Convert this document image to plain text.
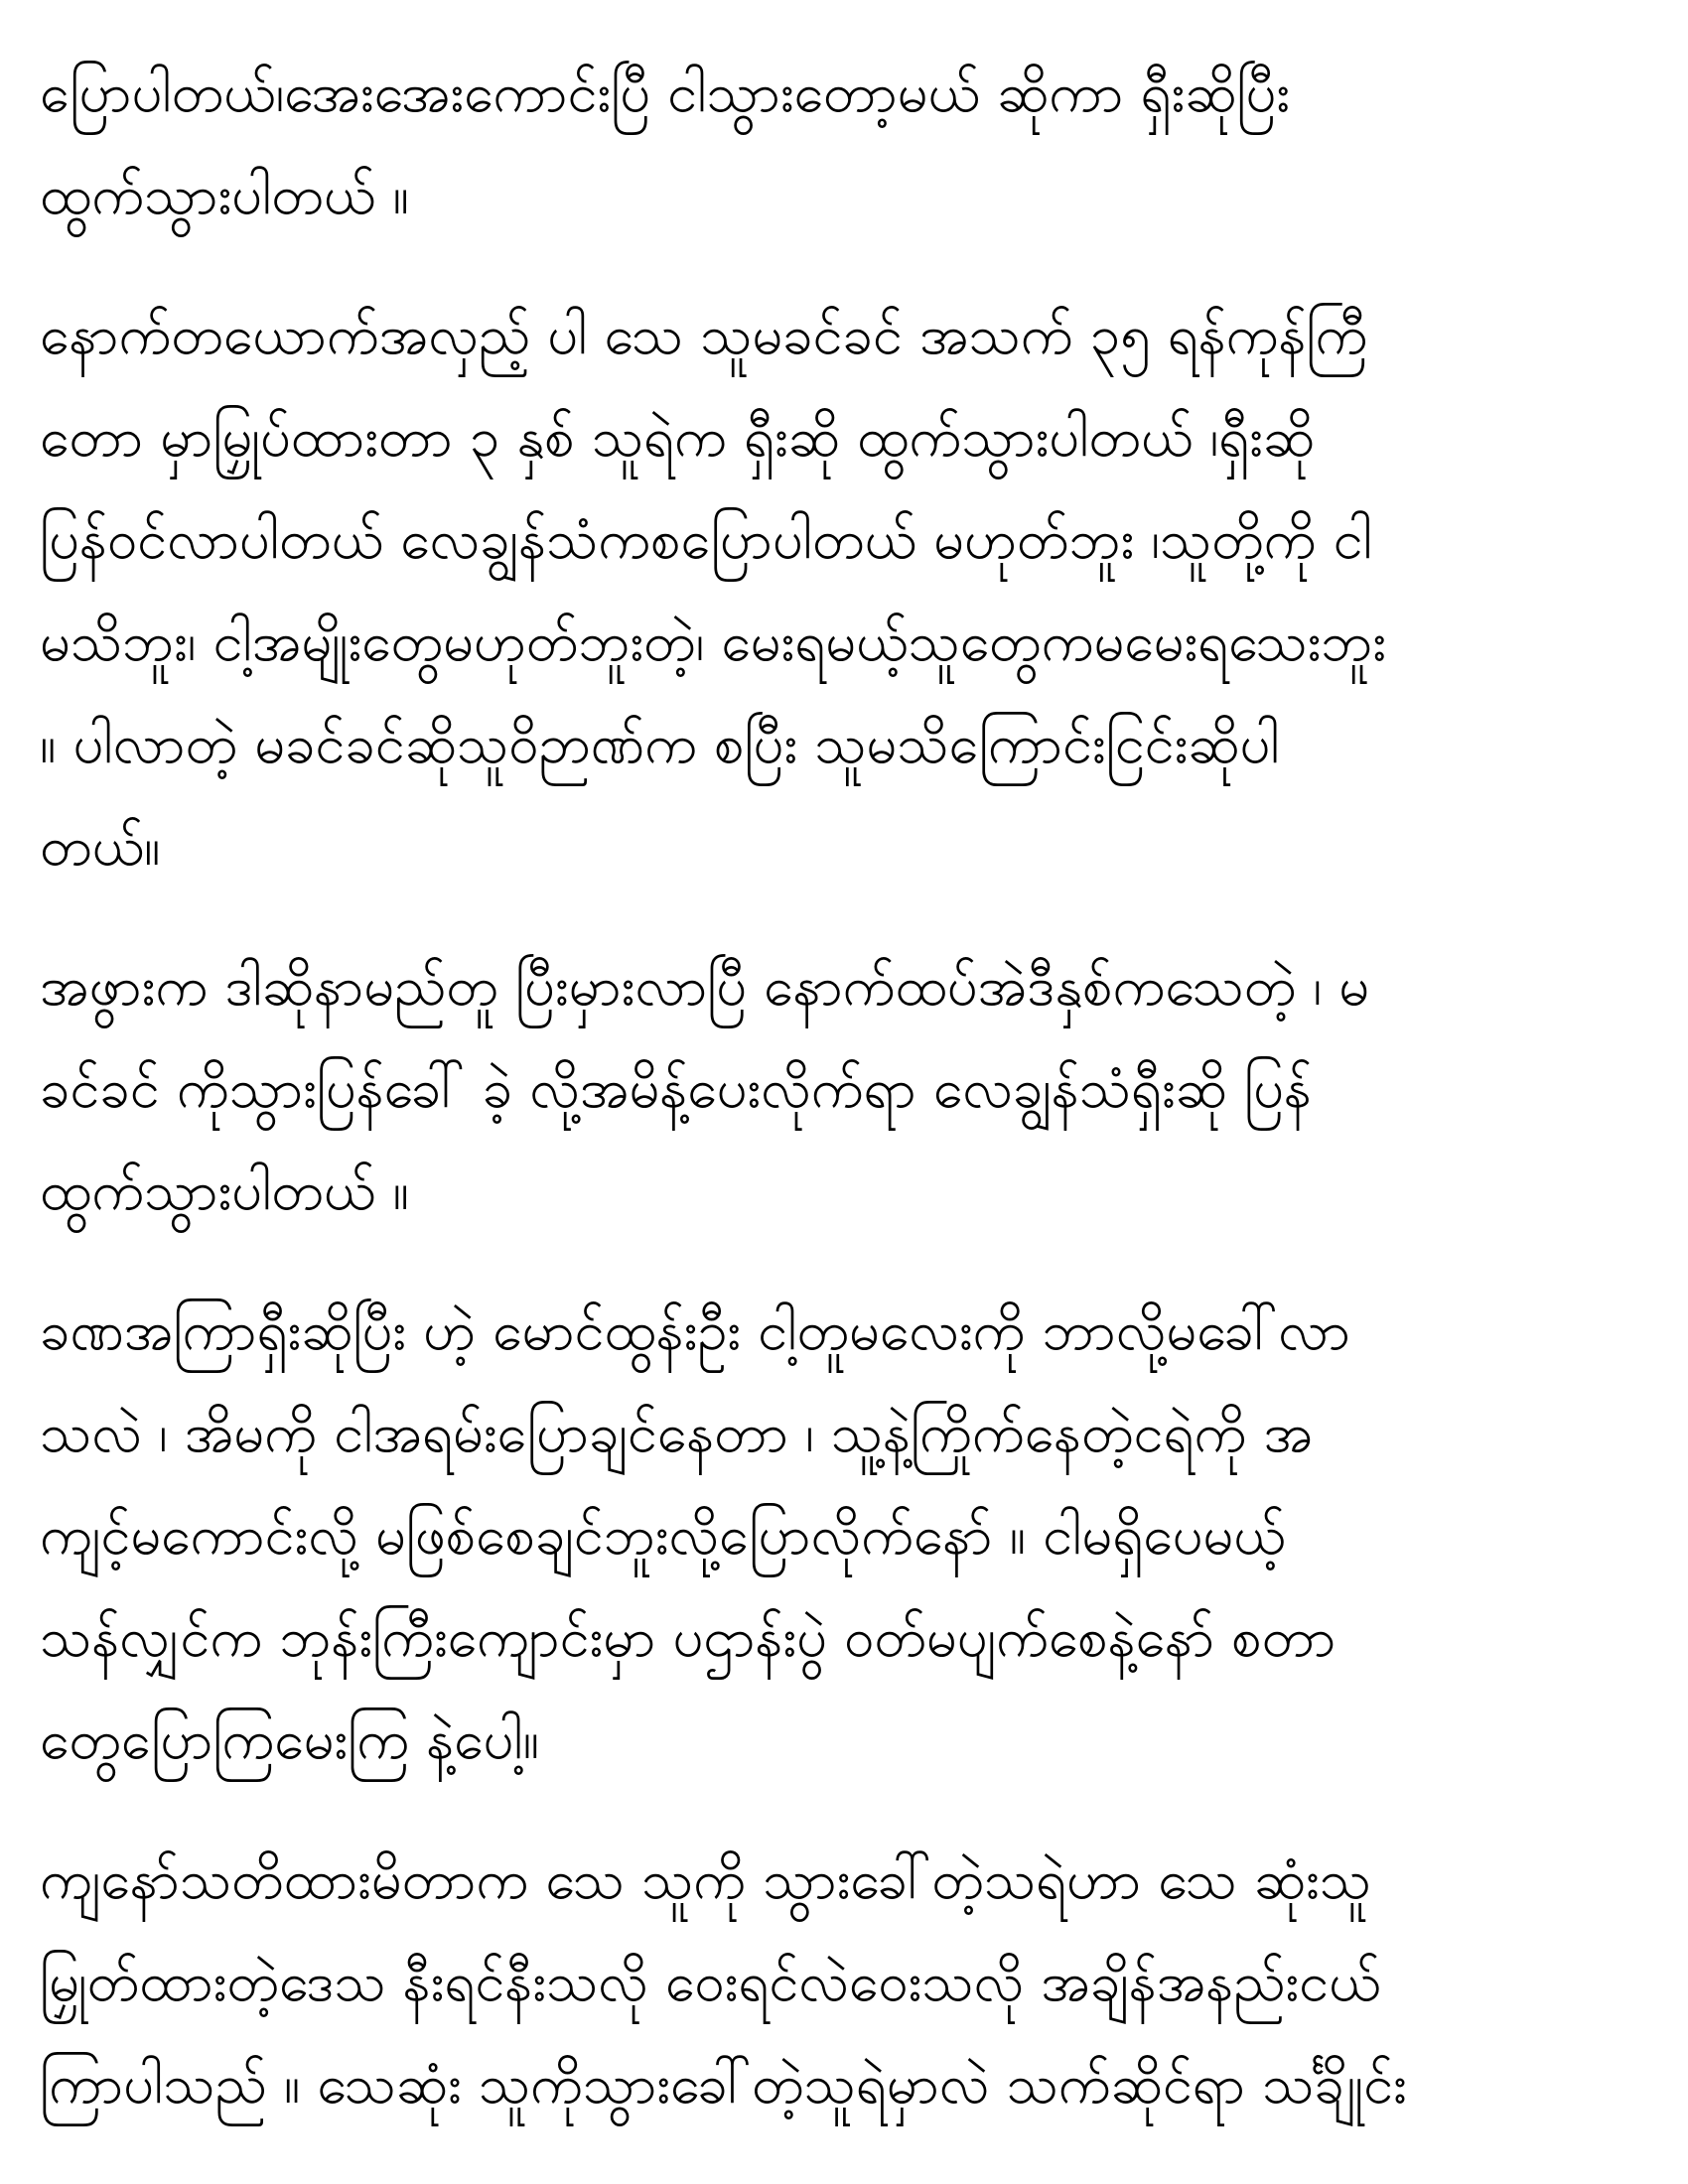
ပြောပါတယ်၊အေးအေးကောင်းပြီ ငါသွားတော့မယ် ဆိုကာ ရှီးဆိုပြီး
ထွက်သွားပါတယ် ။
နောက်တယောက်အလှည့် ပါ သေ သူမခင်ခင် အသက် ၃၅ ရန်ကုန်ကြီ
တော မှာမြှုပ်ထားတာ ၃ နှစ် သူရဲက ရှီးဆို ထွက်သွားပါတယ် ၊ရှီးဆို
ပြန်ဝင်လာပါတယ် လေချွန်သံကစပြောပါတယ် မဟုတ်ဘူး ၊သူတို့ကို ငါ
မသိဘူး၊ ငါ့အမျိုးတွေမဟုတ်ဘူးတဲ့၊ မေးရမယ့်သူတွေကမမေးရသေးဘူး
။ ပါလာတဲ့ မခင်ခင်ဆိုသူဝိဉာဏ်က စပြီး သူမသိကြောင်းငြင်းဆိုပါ
တယ်။
အဖွားက ဒါဆိုနာမည်တူ ပြီးမှားလာပြီ နောက်ထပ်အဲဒီနှစ်ကသေတဲ့ ၊ မ
ခင်ခင် ကိုသွားပြန်ခေါ် ခဲ့ လို့အမိန့်ပေးလိုက်ရာ လေချွန်သံရှီးဆို ပြန်
ထွက်သွားပါတယ် ။
ခဏအကြာရှီးဆိုပြီး ဟဲ့ မောင်ထွန်းဦး ငါ့တူမလေးကို ဘာလို့မခေါ်လာ
သလဲ ၊ အိမကို ငါအရမ်းပြောချင်နေတာ ၊ သူ့နဲ့ကြိုက်နေတဲ့ငရဲကို အ
ကျင့်မကောင်းလို့ မဖြစ်စေချင်ဘူးလို့ပြောလိုက်နော် ။ ငါမရှိပေမယ့်
သန်လျှင်က ဘုန်းကြီးကျောင်းမှာ ပဌာန်းပွဲ ဝတ်မပျက်စေနဲ့နော် စတာ
တွေပြောကြမေးကြ နဲ့ပေါ့။
ကျနော်သတိထားမိတာက သေ သူကို သွားခေါ်တဲ့သရဲဟာ သေ ဆုံးသူ
မြှုတ်ထားတဲ့ဒေသ နီးရင်နီးသလို ဝေးရင်လဲဝေးသလို အချိန်အနည်းငယ်
ကြာပါသည် ။ သေဆုံး သူကိုသွားခေါ်တဲ့သူရဲမှာလဲ သက်ဆိုင်ရာ သင်္ချိုင်း
